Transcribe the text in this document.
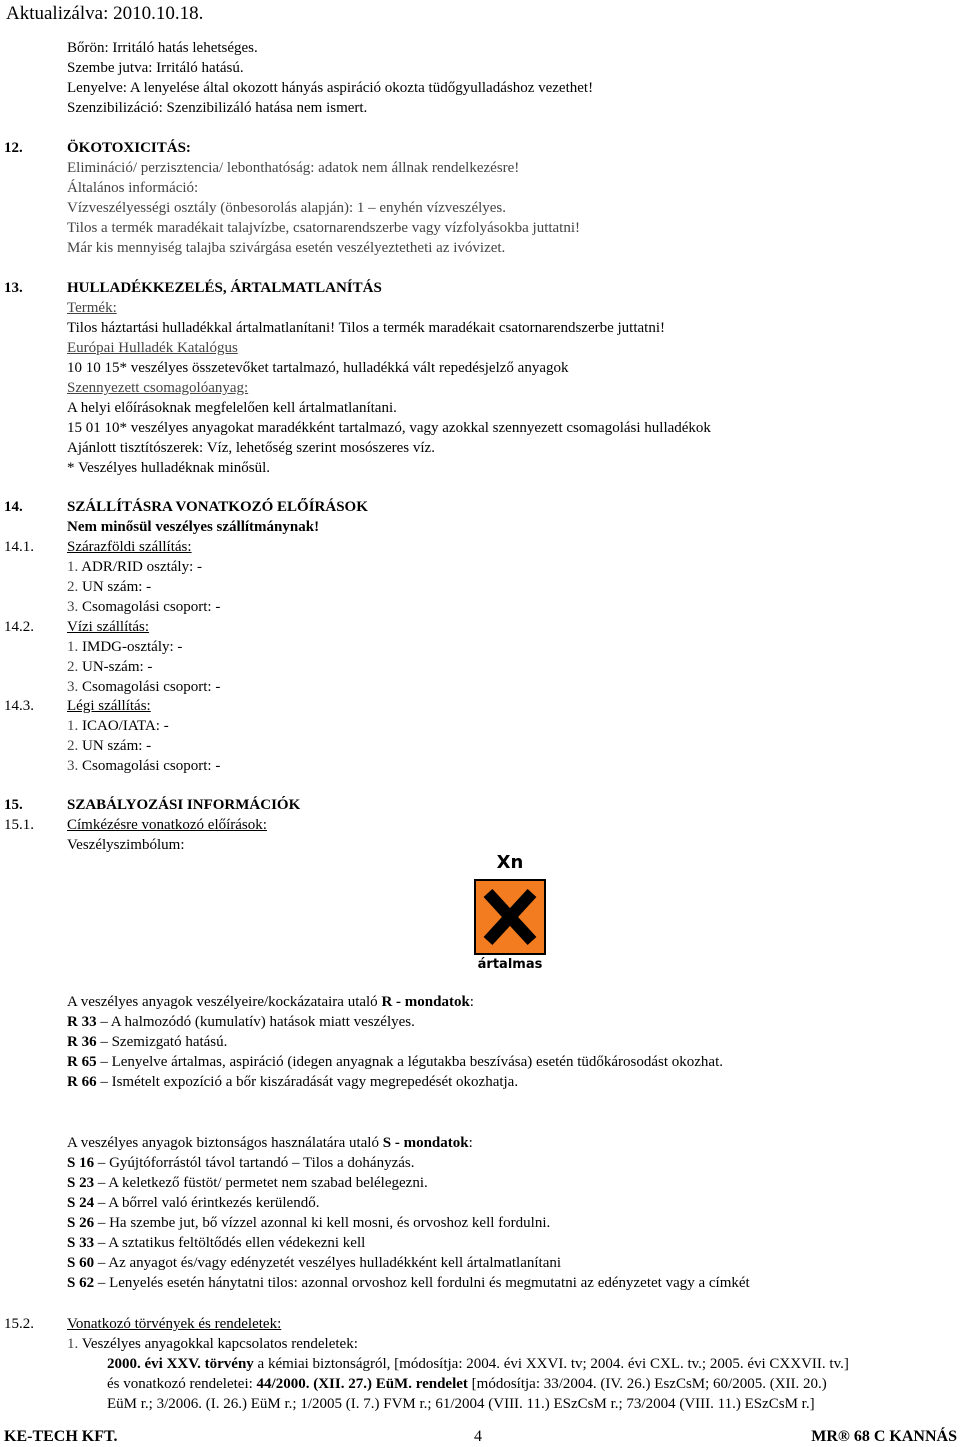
Aktualizálva: 2010.10.18.
Bőrön: Irritáló hatás lehetséges.
Szembe jutva: Irritáló hatású.
Lenyelve: A lenyelése által okozott hányás aspiráció okozta tüdőgyulladáshoz vezethet!
Szenzibilizáció: Szenzibilizáló hatása nem ismert.
12.	ÖKOTOXICITÁS:
Elimináció/ perzisztencia/ lebonthatóság: adatok nem állnak rendelkezésre!
Általános információ:
Vízveszélyességi osztály (önbesorolás alapján): 1 – enyhén vízveszélyes.
Tilos a termék maradékait talajvízbe, csatornarendszerbe vagy vízfolyásokba juttatni!
Már kis mennyiség talajba szivárgása esetén veszélyeztetheti az ivóvizet.
13.	HULLADÉKKEZELÉS, ÁRTALMATLANÍTÁS
Termék:
Tilos háztartási hulladékkal ártalmatlanítani! Tilos a termék maradékait csatornarendszerbe juttatni!
Európai Hulladék Katalógus
10 10 15* veszélyes összetevőket tartalmazó, hulladékká vált repedésjelző anyagok
Szennyezett csomagolóanyag:
A helyi előírásoknak megfelelően kell ártalmatlanítani.
15 01 10* veszélyes anyagokat maradékként tartalmazó, vagy azokkal szennyezett csomagolási hulladékok
Ajánlott tisztítószerek: Víz, lehetőség szerint mosószeres víz.
* Veszélyes hulladéknak minősül.
14.	SZÁLLÍTÁSRA VONATKOZÓ ELŐÍRÁSOK
Nem minősül veszélyes szállítmánynak!
14.1. Szárazföldi szállítás:
1. ADR/RID osztály: -
2. UN szám: -
3. Csomagolási csoport: -
14.2. Vízi szállítás:
1. IMDG-osztály: -
2. UN-szám: -
3. Csomagolási csoport: -
14.3. Légi szállítás:
1. ICAO/IATA: -
2. UN szám: -
3. Csomagolási csoport: -
15.	SZABÁLYOZÁSI INFORMÁCIÓK
15.1. Címkézésre vonatkozó előírások:
Veszélyszimbólum:
Xn
ártalmas
A veszélyes anyagok veszélyeire/kockázataira utaló R - mondatok:
R 33 – A halmozódó (kumulatív) hatások miatt veszélyes.
R 36 – Szemizgató hatású.
R 65 – Lenyelve ártalmas, aspiráció (idegen anyagnak a légutakba beszívása) esetén tüdőkárosodást okozhat.
R 66 – Ismételt expozíció a bőr kiszáradását vagy megrepedését okozhatja.
A veszélyes anyagok biztonságos használatára utaló S - mondatok:
S 16 – Gyújtóforrástól távol tartandó – Tilos a dohányzás.
S 23 – A keletkező füstöt/ permetet nem szabad belélegezni.
S 24 – A bőrrel való érintkezés kerülendő.
S 26 – Ha szembe jut, bő vízzel azonnal ki kell mosni, és orvoshoz kell fordulni.
S 33 – A sztatikus feltöltődés ellen védekezni kell
S 60 – Az anyagot és/vagy edényzetét veszélyes hulladékként kell ártalmatlanítani
S 62 – Lenyelés esetén hánytatni tilos: azonnal orvoshoz kell fordulni és megmutatni az edényzetet vagy a címkét
15.2. Vonatkozó törvények és rendeletek:
1. Veszélyes anyagokkal kapcsolatos rendeletek:
2000. évi XXV. törvény a kémiai biztonságról, [módosítja: 2004. évi XXVI. tv; 2004. évi CXL. tv.; 2005. évi CXXVII. tv.]
és vonatkozó rendeletei: 44/2000. (XII. 27.) EüM. rendelet [módosítja: 33/2004. (IV. 26.) EszCsM; 60/2005. (XII. 20.)
EüM r.; 3/2006. (I. 26.) EüM r.; 1/2005 (I. 7.) FVM r.; 61/2004 (VIII. 11.) ESzCsM r.; 73/2004 (VIII. 11.) ESzCsM r.]
KE-TECH KFT.	4	MR® 68 C KANNÁS
